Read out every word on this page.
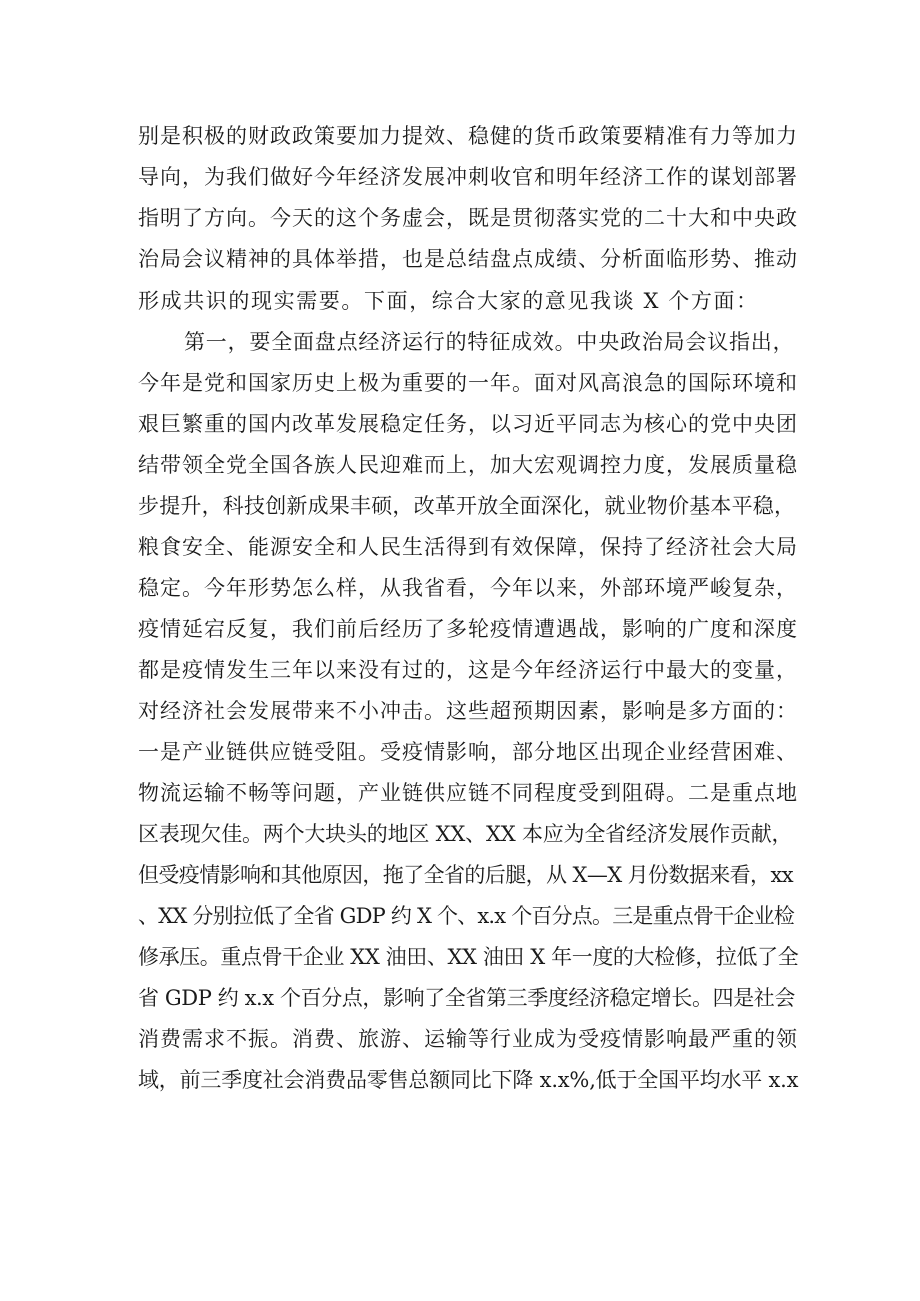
别是积极的财政政策要加力提效、稳健的货币政策要精准有力等加力
导向，为我们做好今年经济发展冲刺收官和明年经济工作的谋划部署
指明了方向。今天的这个务虚会，既是贯彻落实党的二十大和中央政
治局会议精神的具体举措，也是总结盘点成绩、分析面临形势、推动
形成共识的现实需要。下面，综合大家的意见我谈 X 个方面：
第一，要全面盘点经济运行的特征成效。中央政治局会议指出，
今年是党和国家历史上极为重要的一年。面对风高浪急的国际环境和
艰巨繁重的国内改革发展稳定任务，以习近平同志为核心的党中央团
结带领全党全国各族人民迎难而上，加大宏观调控力度，发展质量稳
步提升，科技创新成果丰硕，改革开放全面深化，就业物价基本平稳，
粮食安全、能源安全和人民生活得到有效保障，保持了经济社会大局
稳定。今年形势怎么样，从我省看，今年以来，外部环境严峻复杂，
疫情延宕反复，我们前后经历了多轮疫情遭遇战，影响的广度和深度
都是疫情发生三年以来没有过的，这是今年经济运行中最大的变量，
对经济社会发展带来不小冲击。这些超预期因素，影响是多方面的：
一是产业链供应链受阻。受疫情影响，部分地区出现企业经营困难、
物流运输不畅等问题，产业链供应链不同程度受到阻碍。二是重点地
区表现欠佳。两个大块头的地区 XX、XX 本应为全省经济发展作贡献，
但受疫情影响和其他原因，拖了全省的后腿，从 X—X 月份数据来看，xx
、XX 分别拉低了全省 GDP 约 X 个、x.x 个百分点。三是重点骨干企业检
修承压。重点骨干企业 XX 油田、XX 油田 X 年一度的大检修，拉低了全
省 GDP 约 x.x 个百分点，影响了全省第三季度经济稳定增长。四是社会
消费需求不振。消费、旅游、运输等行业成为受疫情影响最严重的领
域，前三季度社会消费品零售总额同比下降 x.x%,低于全国平均水平 x.x
